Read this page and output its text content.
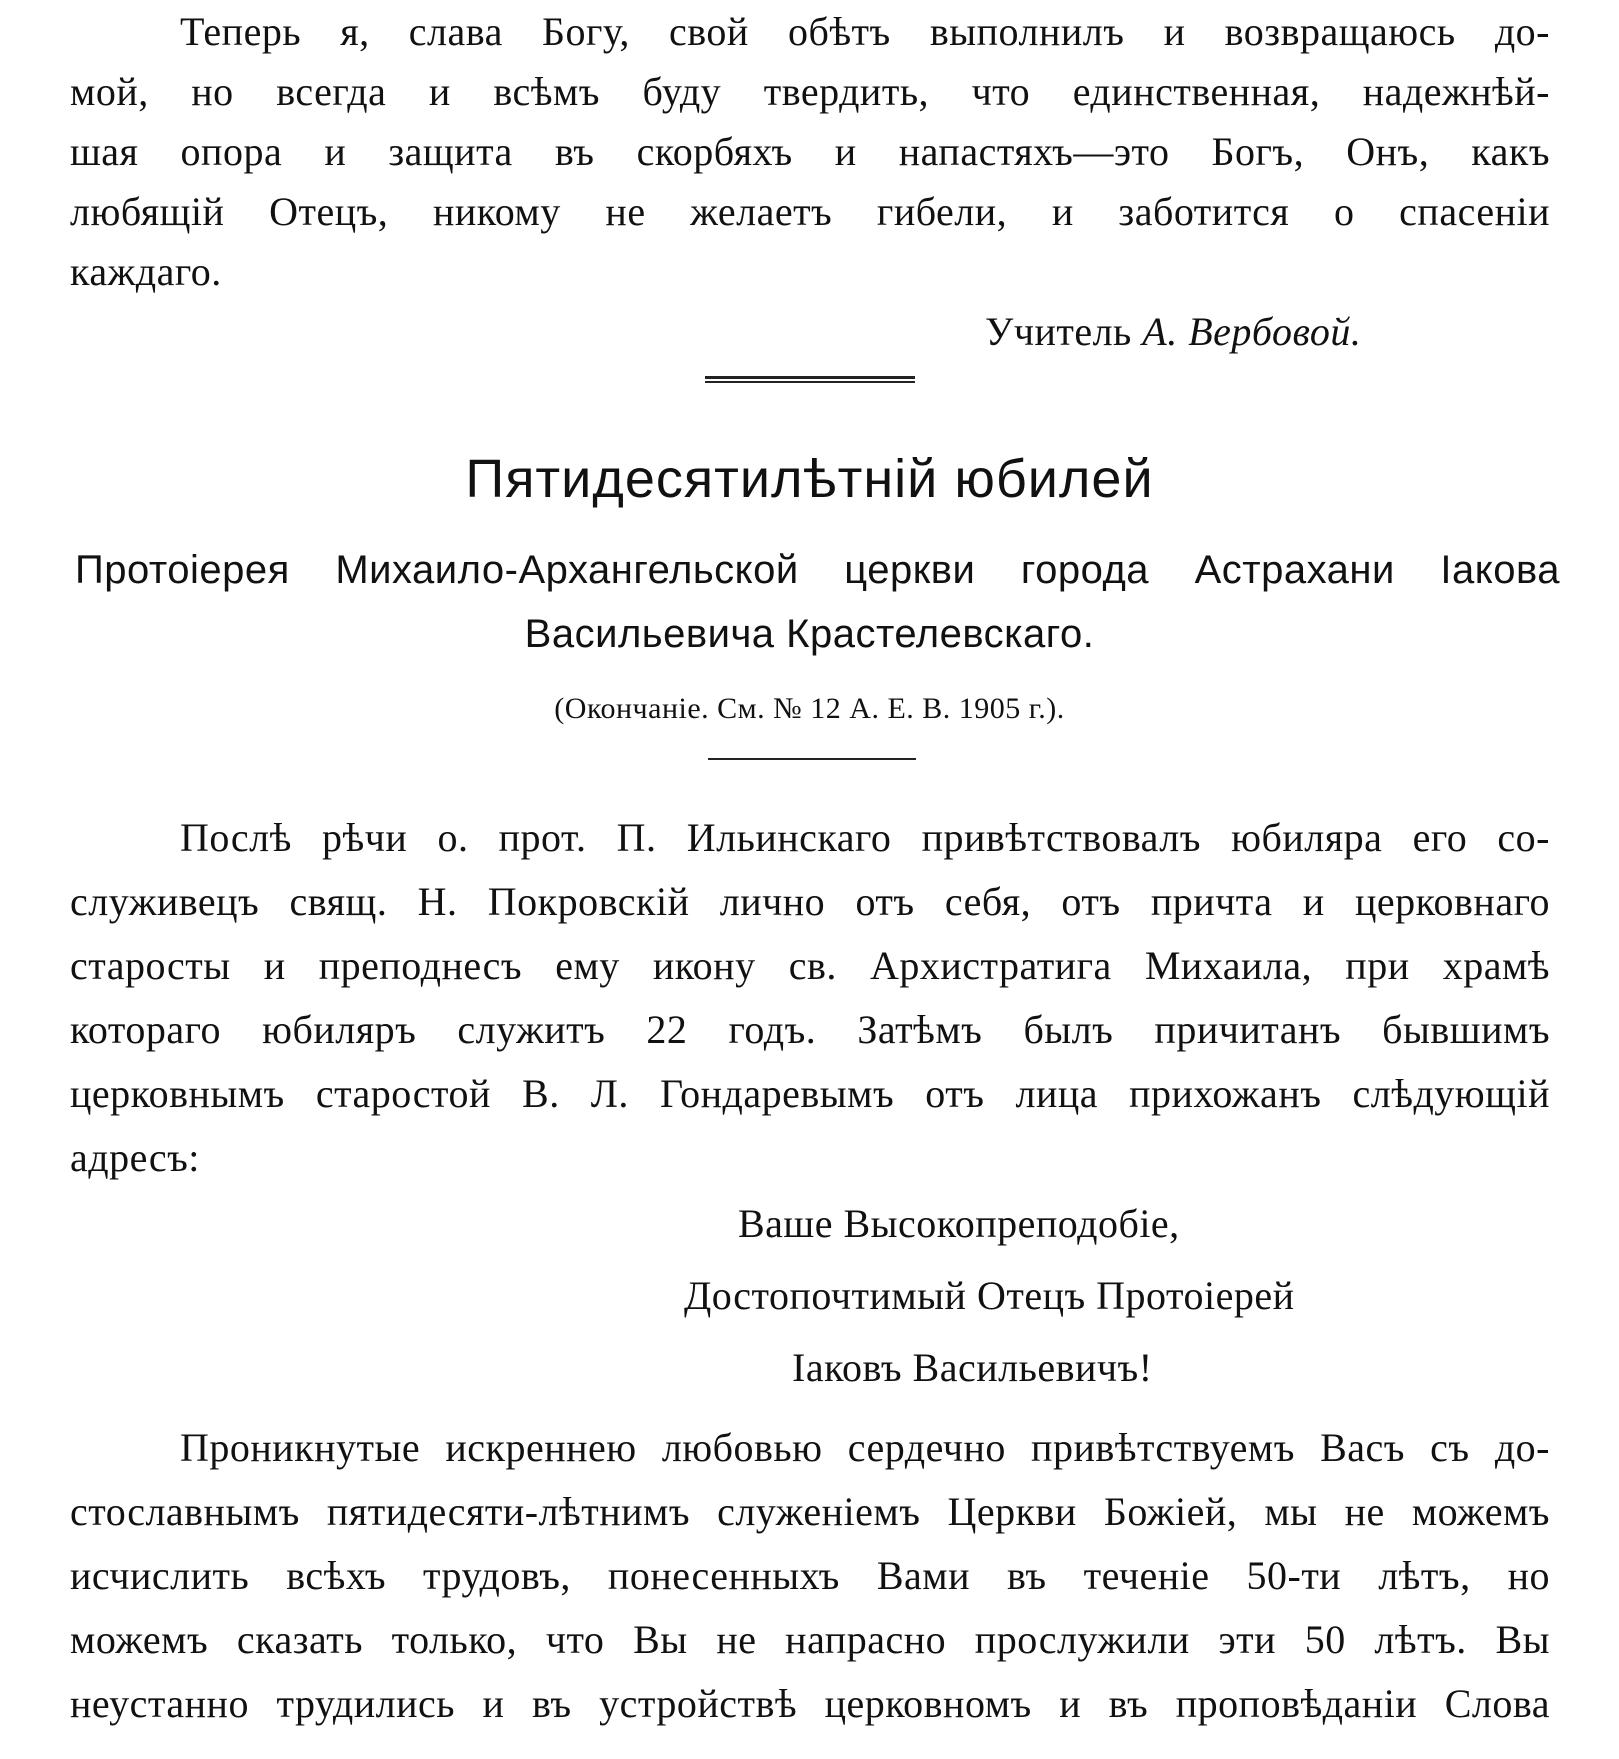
Теперь я, слава Богу, свой обѣтъ выполнилъ и возвращаюсь до-
мой, но всегда и всѣмъ буду твердить, что единственная, надежнѣй-
шая опора и защита въ скорбяхъ и напастяхъ—это Богъ, Онъ, какъ
любящій Отецъ, никому не желаетъ гибели, и заботится о спасеніи
каждаго.
Учитель А. Вербовой.
Пятидесятилѣтній юбилей
Протоіерея Михаило-Архангельской церкви города Астрахани Іакова
Васильевича Крастелевскаго.
(Окончаніе. См. № 12 А. Е. В. 1905 г.).
Послѣ рѣчи о. прот. П. Ильинскаго привѣтствовалъ юбиляра его со-
служивецъ свящ. Н. Покровскій лично отъ себя, отъ причта и церковнаго
старосты и преподнесъ ему икону св. Архистратига Михаила, при храмѣ
котораго юбиляръ служитъ 22 годъ. Затѣмъ былъ причитанъ бывшимъ
церковнымъ старостой В. Л. Гондаревымъ отъ лица прихожанъ слѣдующій
адресъ:
Ваше Высокопреподобіе,
Достопочтимый Отецъ Протоіерей
Іаковъ Васильевичъ!
Проникнутые искреннею любовью сердечно привѣтствуемъ Васъ съ до-
стославнымъ пятидесяти-лѣтнимъ служеніемъ Церкви Божіей, мы не можемъ
исчислить всѣхъ трудовъ, понесенныхъ Вами въ теченіе 50-ти лѣтъ, но
можемъ сказать только, что Вы не напрасно прослужили эти 50 лѣтъ. Вы
неустанно трудились и въ устройствѣ церковномъ и въ проповѣданіи Слова
